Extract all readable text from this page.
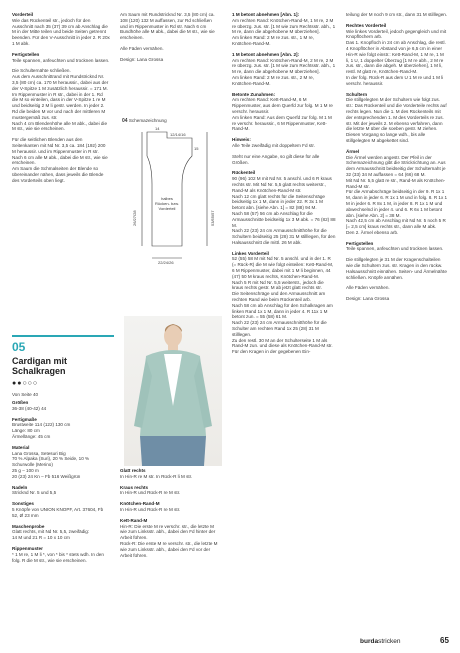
Vorderteil
Wie das Rückenteil str., jedoch für den Ausschnitt nach 35 (37) 39 cm ab Anschlag die M in der Mitte teilen und beide Seiten getrennt beenden. Für den V-Ausschnitt in jeder 2. R 20x 1 M abk.
Fertigstellen
Teile spannen, anfeuchten und trocknen lassen.
Die Schulternähte schließen.
Aus dem Ausschnittrand mit Rundstricknd Nr. 3,5 (80 cm) ca. 170 M heraussir., dabei aus der der V-Spitze 1 M zusätzlich heraussir. = 171 M.
Im Rippenmuster in R str., dabei in der 1. Rd die M so einteilen, dass in der V-Spitze 1 re M und beidseitig 2 M li gestr. werden. In jeder 2. Rd die beiden M vor und nach der mittleren M mustergemäß zus. str.
Nach 4 cm Blendenhöhe alle M abk., dabei die M str., wie sie erscheinen.
Für die seitlichen Blenden aus den Seitenkanten mit Nd Nr. 3,5 ca. 184 (192) 200 M heraussir. und im Rippenmuster in R str. Nach 6 cm alle M abk., dabei die M str., wie sie erscheinen.
Am Saum die Schmalseiten der Blende so übereinander nähen, dass jeweils die Blende des Vorderteils oben liegt.
Am Saum mit Rundstricknd Nr. 3,5 (80 cm) ca. 108 (120) 132 M auffassen, zur Rd schließen und im Rippenmuster in Rd str. Nach 6 cm Bundhöhe alle M abk., dabei die M str., wie sie erscheinen.
Alle Fäden vernähen.
Design: Lana Grossa
04 Schemazeichnung
14
12/14/16
15
26/27/28	53/55/57
22/24/26
halbes Rücken- bzw. Vorderteil
05
Cardigan mit
Schalkragen
●●○○○
Von Seite 40
Größen
36-38 (40-42) 44
Fertigmaße
Brustweite 114 (122) 130 cm
Länge: 80 cm
Ärmellänge: 45 cm
Material
Lana Grossa, Setesuri Big
70 % Alpaka (Suri), 20 % Seide, 10 % Schurwolle (Merino)
25 g – 100 m
20 (23) 24 Kn – Fb 516 Weißgrün
Nadeln
Stricknd Nr. 5 und 5,5
Sonstiges
5 Knöpfe von UNION KNOPF, Art. 37604, Fb 52, Ø 23 mm
Maschenprobe
Glatt rechts, mit Nd Nr. 5,5, zweifädig:
14 M und 21 R = 10 x 10 cm
Rippenmuster
* 1 M re, 1 M li *, von * bis * stets wdh. In den folg. R die M str., wie sie erscheinen.
Glatt rechts
In Hin-R re M str. In Rück-R li M str.
Kraus rechts
In Hin-R und Rück-R re M str.
Knötchen-Rand-M
In Hin-R und Rück-R re M str.
Kett-Rand-M
Hin-R: Die erste M re verschr. str., die letzte M wie zum Linksstr. abh., dabei den Fd hinter der Arbeit führen.
Rück-R: Die erste M re verschr. str., die letzte M wie zum Linksstr. abh., dabei den Fd vor der Arbeit führen.
1 M betont abnehmen [Abn. 1]:
Am rechten Rand: Knötchen-Rand-M, 1 M re, 2 M re überzg. zus. str. [1 M wie zum Rechtsstr. abh., 1 M re, dann die abgehobene M überziehen].
Am linken Rand: 2 M re zus. str., 1 M re, Knötchen-Rand-M.
1 M betont abnehmen [Abn. 2]:
Am rechten Rand: Knötchen-Rand-M, 2 M re, 2 M re überzg. zus. str. [1 M wie zum Rechtsstr. abh., 1 M re, dann die abgehobene M überziehen].
Am linken Rand: 2 M re zus. str., 2 M re, Knötchen-Rand-M.
Betonte Zunahmen:
Am rechten Rand: Kett-Rand-M, 6 M Rippenmuster, aus dem Querfd zur folg. M 1 M re verschr. heraussir.
Am linken Rand: Aus dem Querfd zur folg. M 1 M re verschr. heraussir., 6 M Rippenmuster, Kett-Rand-M.
Hinweis:
Alle Teile zweifädig mit doppeltem Fd str.
Steht nur eine Angabe, so gilt diese für alle Größen.
Rückenteil
90 (96) 102 M mit Nd Nr. 5 anschl. und 6 R kraus rechts str. Mit Nd Nr. 5,5 glatt rechts weiterstr., Rand-M als Knötchen-Rand-M str.
Nach 12 cm glatt rechts für die Seitenschräge beidseitig 1x 1 M, dann in jeder 22. R 3x 1 M betont abn. [siehe Abn. 1] = 82 (88) 94 M.
Nach 58 (57) 56 cm ab Anschlag für die Armausschnitte beidseitig 1x 3 M abk. = 76 (82) 88 M.
Nach 22 (23) 24 cm Armausschnitthöhe für die Schultern beidseitig 25 (28) 31 M stilllegen, für den Halsausschnitt die mittl. 26 M abk.
Linkes Vorderteil
52 (55) 58 M mit Nd Nr. 5 anschl. und in der 1. R (= Rück-R) die M wie folgt einteilen: Kett-Rand-M, 6 M Rippenmuster, dabei mit 1 M li beginnen, 44 (47) 50 M kraus rechts, Knötchen-Rand-M.
Nach 5 R mit Nd Nr. 5,5 weiterstr., jedoch die kraus rechts gestr. M ab jetzt glatt rechts str.
Die Seitenschräge und den Armausschnitt am rechten Rand wie beim Rückenteil arb.
Nach 58 cm ab Anschlag für den Schalkragen am linken Rand 1x 1 M, dann in jeder 4. R 11x 1 M betont zun. = 55 (58) 61 M.
Nach 22 (23) 24 cm Armausschnitthöhe für die Schulter am rechten Rand 1x 25 (28) 31 M stilllegen.
Zu den restl. 30 M an der Schulterseite 1 M als Rand-M zun. und diese als Knötchen-Rand-M str. Für den Kragen in der gegebenen Ein-
teilung der M noch 9 cm str., dann 31 M stilllegen.
Rechtes Vorderteil
Wie linkes Vorderteil, jedoch gegengleich und mit Knopflöchern arb.
Das 1. Knopfloch in 24 cm ab Anschlag, die restl. 4 Knopflöcher in Abstand von je 6,5 cm in einer Hin-R wie folgt einstr.: Kett-Rand-M, 1 M re, 1 M li, 1 U, 1 doppelter Überzug [1 M re abh., 2 M re zus. str., dann die abgeh. M überziehen], 1 M li, restl. M glatt re, Knötchen-Rand-M.
In der folg. Rück-R aus dem U 1 M re und 1 M li verschr. heraussir.
Schultern
Die stillgelegten M der Schultern wie folgt zus. str.: Das Rückenteil und die Vorderteile rechts auf rechts legen. Nun die 1. M des Rückenteils mit der entsprechenden 1. M des Vorderteils re zus. str. Mit der jeweils 2. M ebenso verfahren, dann die letzte M über die soeben gestr. M ziehen. Diesen Vorgang so lange wdh., bis alle stillgelegten M abgekettet sind.
Ärmel
Die Ärmel werden angestr. Der Pfeil in der Schemazeichnung gibt die Strickrichtung an. Aus dem Armausschnitt beidseitig der Schulternaht je 32 (33) 34 M auffassen = 64 (66) 68 M.
Mit Nd Nr. 5,5 glatt re str., Rand-M als Knötchen-Rand-M str.
Für die Armabschräge beidseitig in der 9. R 1x 1 M, dann in jeder 6. R 1x 1 M und in folg. 8. R 1x 1 M in jeder 6. R 8x 1 M, in jeder 8. R 1x 1 M und abwechselnd in jeder 4. und 6. R 6x 1 M betont abn. [siehe Abn. 2] = 38 M.
Nach 42,5 cm ab Anschlag mit Nd Nr. 5 noch 5 R [= 2,5 cm] kraus rechts str., dann alle M abk.
Den 2. Ärmel ebenso arb.
Fertigstellen
Teile spannen, anfeuchten und trocknen lassen.
Die stillgelegten je 31 M der Kragenschalteilen wie die Schultern zus. str. Kragen in den rückw. Halsausschnitt einnähen. Seiten- und Ärmelnähte schließen. Knöpfe annähen.
Alle Fäden vernähen.
Design: Lana Grossa
burdastricken	65
